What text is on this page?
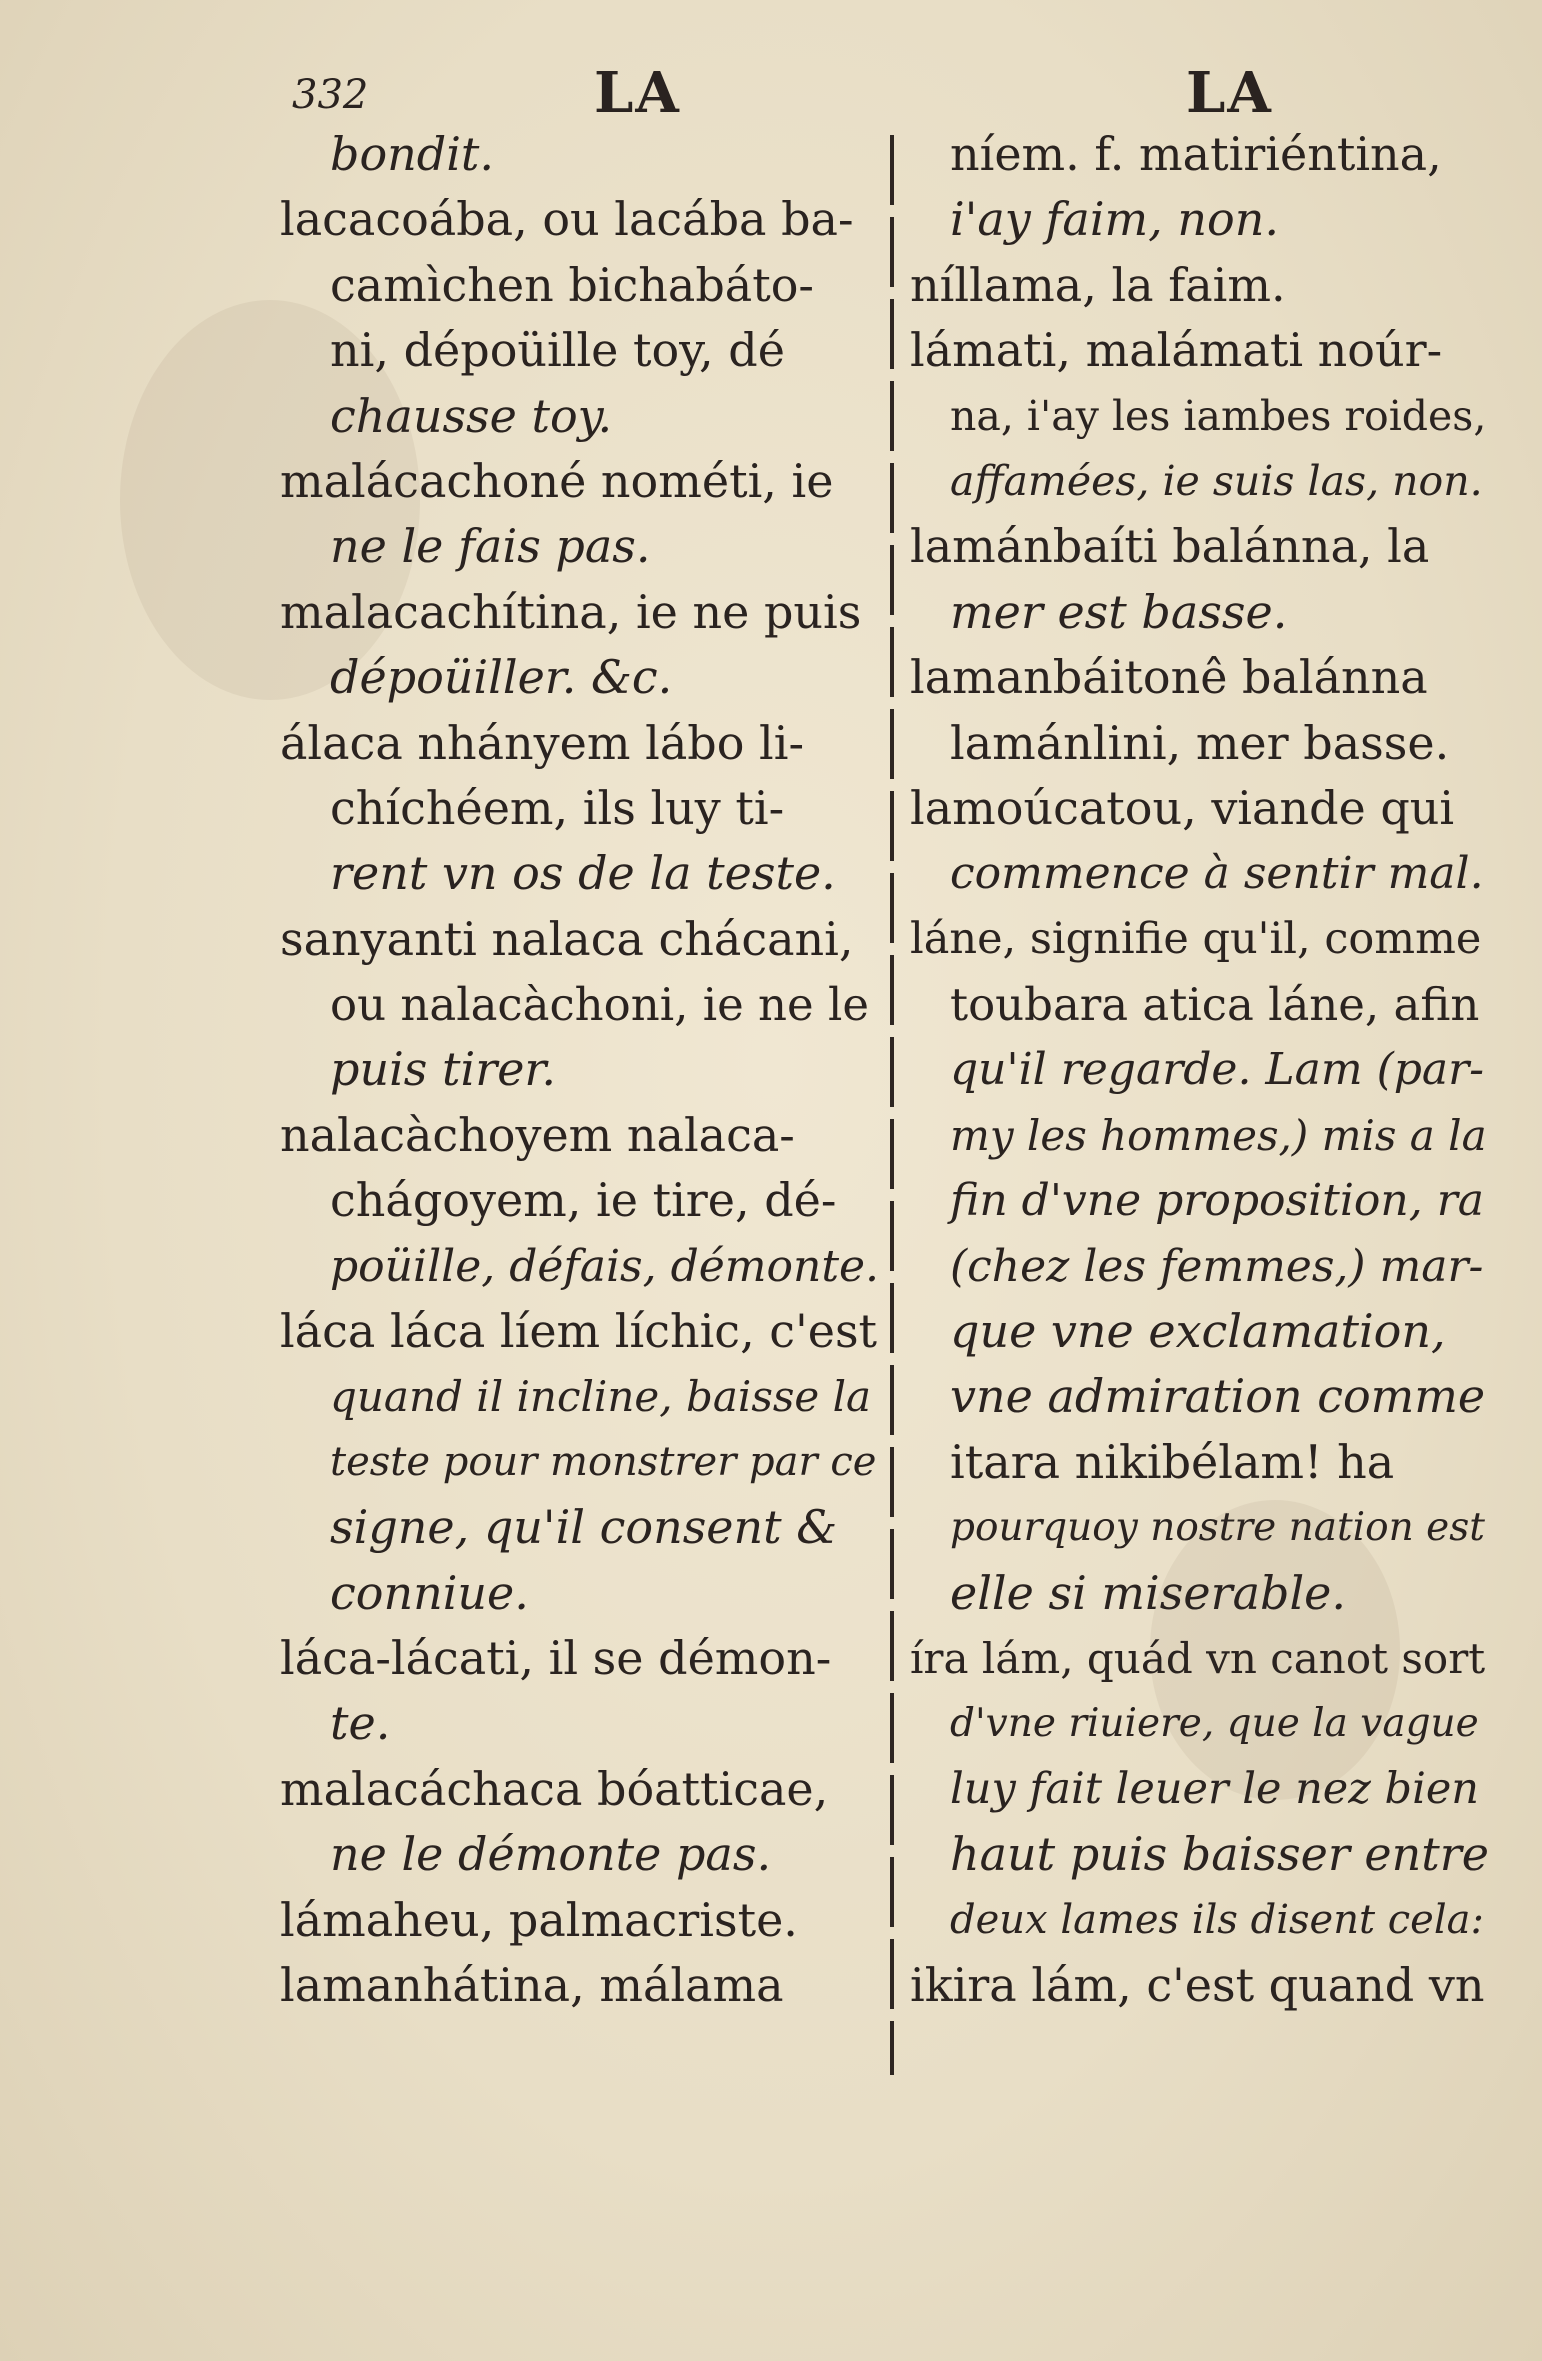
332	LA	LA
bondit.
lacacoába, ou lacába ba-
camìchen bichabáto-
ni, dépoüille toy, dé
chausse toy.
malácachoné nométi, ie
ne le fais pas.
malacachítina, ie ne puis
dépoüiller. &c.
álaca nhányem lábo li-
chíchéem, ils luy ti-
rent vn os de la teste.
sanyanti nalaca chácani,
ou nalacàchoni, ie ne le
puis tirer.
nalacàchoyem nalaca-
chágoyem, ie tire, dé-
poüille, défais, démonte.
láca láca líem líchic, c'est
quand il incline, baisse la
teste pour monstrer par ce
signe, qu'il consent &
conniue.
láca-lácati, il se démon-
te.
malacáchaca bóatticae,
ne le démonte pas.
lámaheu, palmacriste.
lamanhátina, málama
níem. f. matiriéntina,
i'ay faim, non.
níllama, la faim.
lámati, malámati noúr-
na, i'ay les iambes roides,
affamées, ie suis las, non.
lamánbaíti balánna, la
mer est basse.
lamanbáitonê balánna
lamánlini, mer basse.
lamoúcatou, viande qui
commence à sentir mal.
láne, signifie qu'il, comme
toubara atica láne, afin
qu'il regarde. Lam (par-
my les hommes,) mis a la
fin d'vne proposition, ra
(chez les femmes,) mar-
que vne exclamation,
vne admiration comme
itara nikibélam! ha
pourquoy nostre nation est
elle si miserable.
íra lám, quád vn canot sort
d'vne riuiere, que la vague
luy fait leuer le nez bien
haut puis baisser entre
deux lames ils disent cela:
ikira lám, c'est quand vn
